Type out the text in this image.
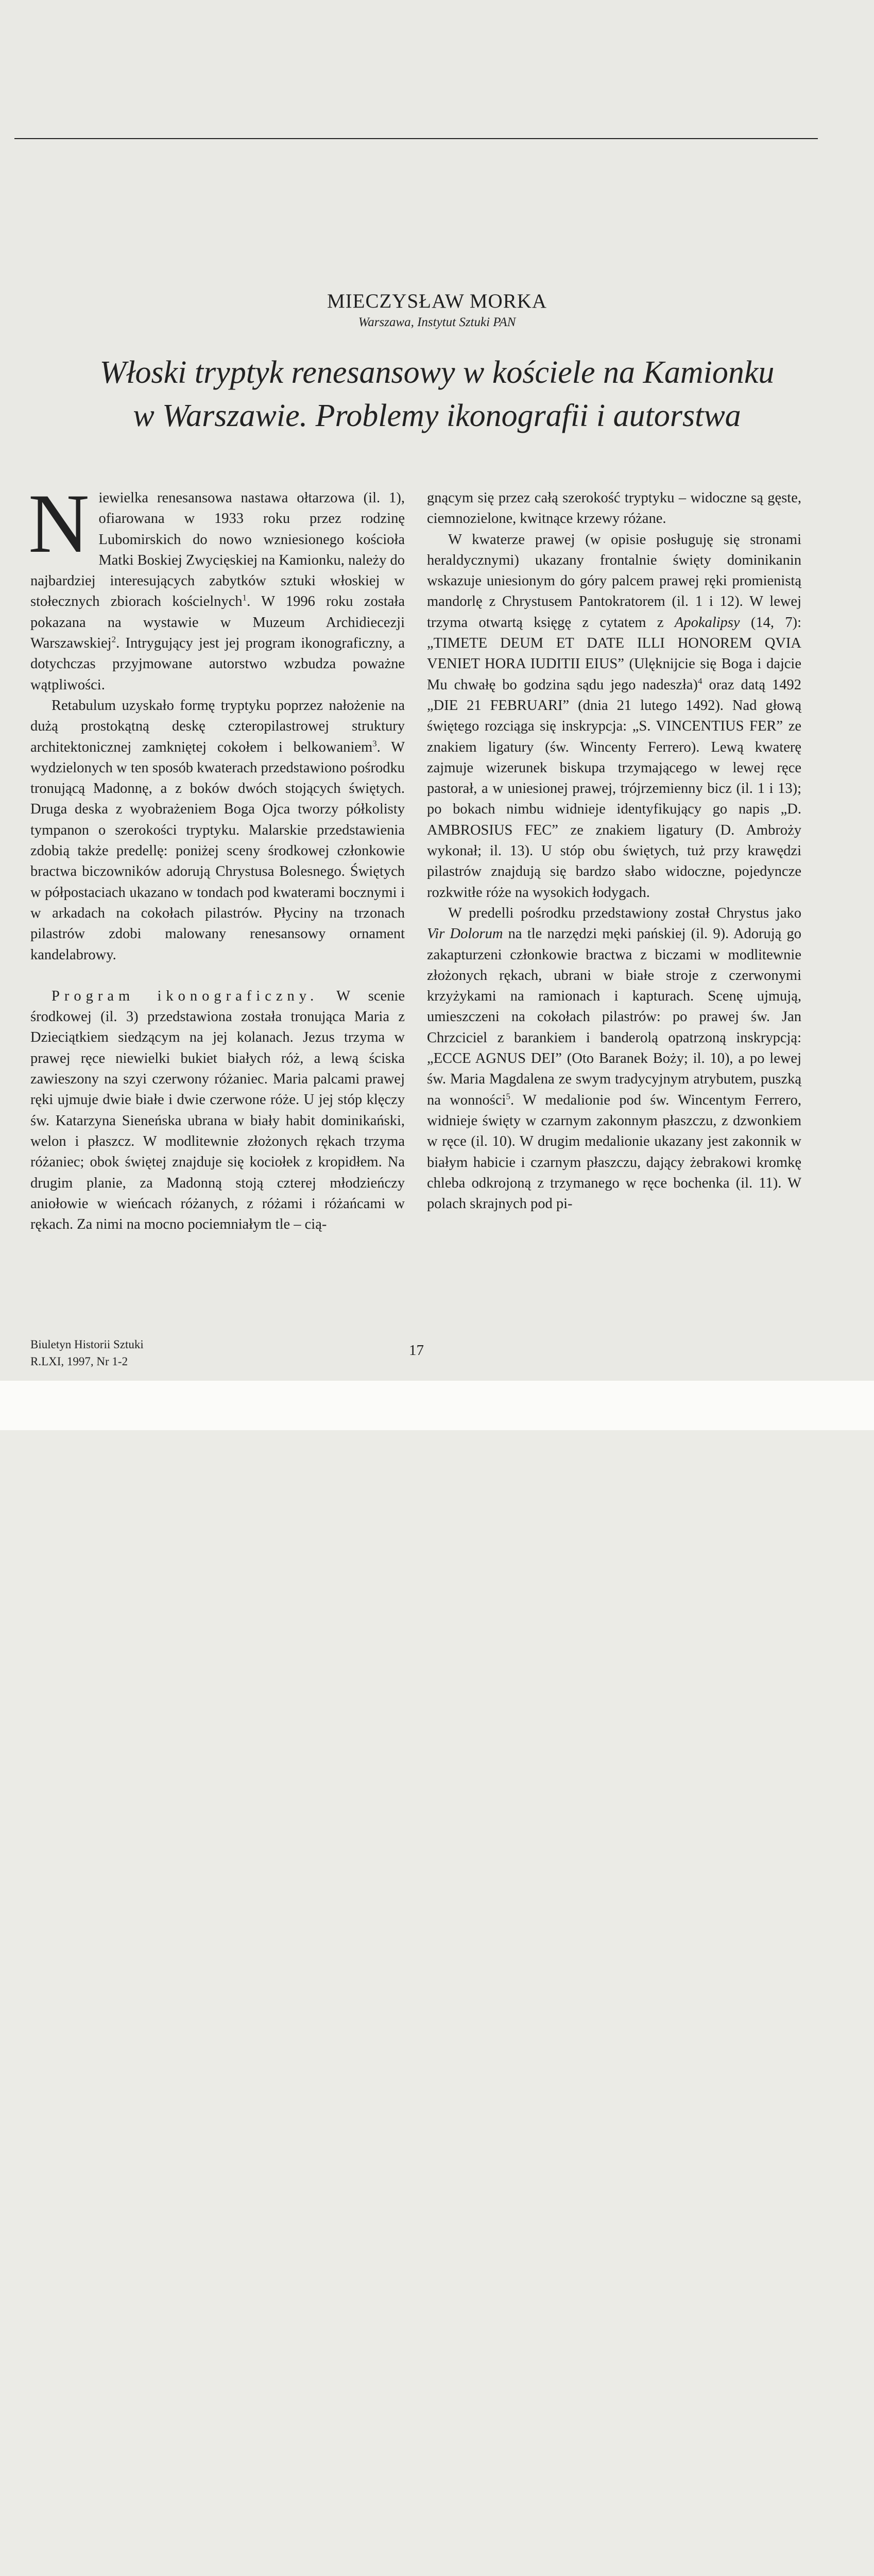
MIECZYSŁAW MORKA
Warszawa, Instytut Sztuki PAN
Włoski tryptyk renesansowy w kościele na Kamionku
w Warszawie. Problemy ikonografii i autorstwa

Niewielka renesansowa nastawa ołtarzowa (il. 1), ofiarowana w 1933 roku przez rodzinę Lubomirskich do nowo wzniesionego kościoła Matki Boskiej Zwycięskiej na Kamionku, należy do najbardziej interesujących zabytków sztuki włoskiej w stołecznych zbiorach kościelnych$^1$. W 1996 roku została pokazana na wystawie w Muzeum Archidiecezji Warszawskiej$^2$. Intrygujący jest jej program ikonograficzny, a dotychczas przyjmowane autorstwo wzbudza poważne wątpliwości.

Retabulum uzyskało formę tryptyku poprzez nałożenie na dużą prostokątną deskę czteropilastrowej struktury architektonicznej zamkniętej cokołem i belkowaniem$^3$. W wydzielonych w ten sposób kwaterach przedstawiono pośrodku tronującą Madonnę, a z boków dwóch stojących świętych. Druga deska z wyobrażeniem Boga Ojca tworzy półkolisty tympanon o szerokości tryptyku. Malarskie przedstawienia zdobią także predellę: poniżej sceny środkowej członkowie bractwa biczowników adorują Chrystusa Bolesnego. Świętych w półpostaciach ukazano w tondach pod kwaterami bocznymi i w arkadach na cokołach pilastrów. Płyciny na trzonach pilastrów zdobi malowany renesansowy ornament kandelabrowy.

Program ikonograficzny. W scenie środkowej (il. 3) przedstawiona została tronująca Maria z Dzieciątkiem siedzącym na jej kolanach. Jezus trzyma w prawej ręce niewielki bukiet białych róż, a lewą ściska zawieszony na szyi czerwony różaniec. Maria palcami prawej ręki ujmuje dwie białe i dwie czerwone róże. U jej stóp klęczy św. Katarzyna Sieneńska ubrana w biały habit dominikański, welon i płaszcz. W modlitewnie złożonych rękach trzyma różaniec; obok świętej znajduje się kociołek z kropidłem. Na drugim planie, za Madonną stoją czterej młodzieńczy aniołowie w wieńcach różanych, z różami i różańcami w rękach. Za nimi na mocno pociemniałym tle – cią-

gnącym się przez całą szerokość tryptyku – widoczne są gęste, ciemnozielone, kwitnące krzewy różane.

W kwaterze prawej (w opisie posługuję się stronami heraldycznymi) ukazany frontalnie święty dominikanin wskazuje uniesionym do góry palcem prawej ręki promienistą mandorlę z Chrystusem Pantokratorem (il. 1 i 12). W lewej trzyma otwartą księgę z cytatem z Apokalipsy (14, 7): „TIMETE DEUM ET DATE ILLI HONOREM QVIA VENIET HORA IUDITII EIUS” (Ulęknijcie się Boga i dajcie Mu chwałę bo godzina sądu jego nadeszła)$^4$ oraz datą 1492 „DIE 21 FEBRUARI” (dnia 21 lutego 1492). Nad głową świętego rozciąga się inskrypcja: „S. VINCENTIUS FER” ze znakiem ligatury (św. Wincenty Ferrero). Lewą kwaterę zajmuje wizerunek biskupa trzymającego w lewej ręce pastorał, a w uniesionej prawej, trójrzemienny bicz (il. 1 i 13); po bokach nimbu widnieje identyfikujący go napis „D. AMBROSIUS FEC” ze znakiem ligatury (D. Ambroży wykonał; il. 13). U stóp obu świętych, tuż przy krawędzi pilastrów znajdują się bardzo słabo widoczne, pojedyncze rozkwitłe róże na wysokich łodygach.

W predelli pośrodku przedstawiony został Chrystus jako Vir Dolorum na tle narzędzi męki pańskiej (il. 9). Adorują go zakapturzeni członkowie bractwa z biczami w modlitewnie złożonych rękach, ubrani w białe stroje z czerwonymi krzyżykami na ramionach i kapturach. Scenę ujmują, umieszczeni na cokołach pilastrów: po prawej św. Jan Chrzciciel z barankiem i banderolą opatrzoną inskrypcją: „ECCE AGNUS DEI” (Oto Baranek Boży; il. 10), a po lewej św. Maria Magdalena ze swym tradycyjnym atrybutem, puszką na wonności$^5$. W medalionie pod św. Wincentym Ferrero, widnieje święty w czarnym zakonnym płaszczu, z dzwonkiem w ręce (il. 10). W drugim medalionie ukazany jest zakonnik w białym habicie i czarnym płaszczu, dający żebrakowi kromkę chleba odkrojoną z trzymanego w ręce bochenka (il. 11). W polach skrajnych pod pi-

Biuletyn Historii Sztuki
R.LXI, 1997, Nr 1-2
17
